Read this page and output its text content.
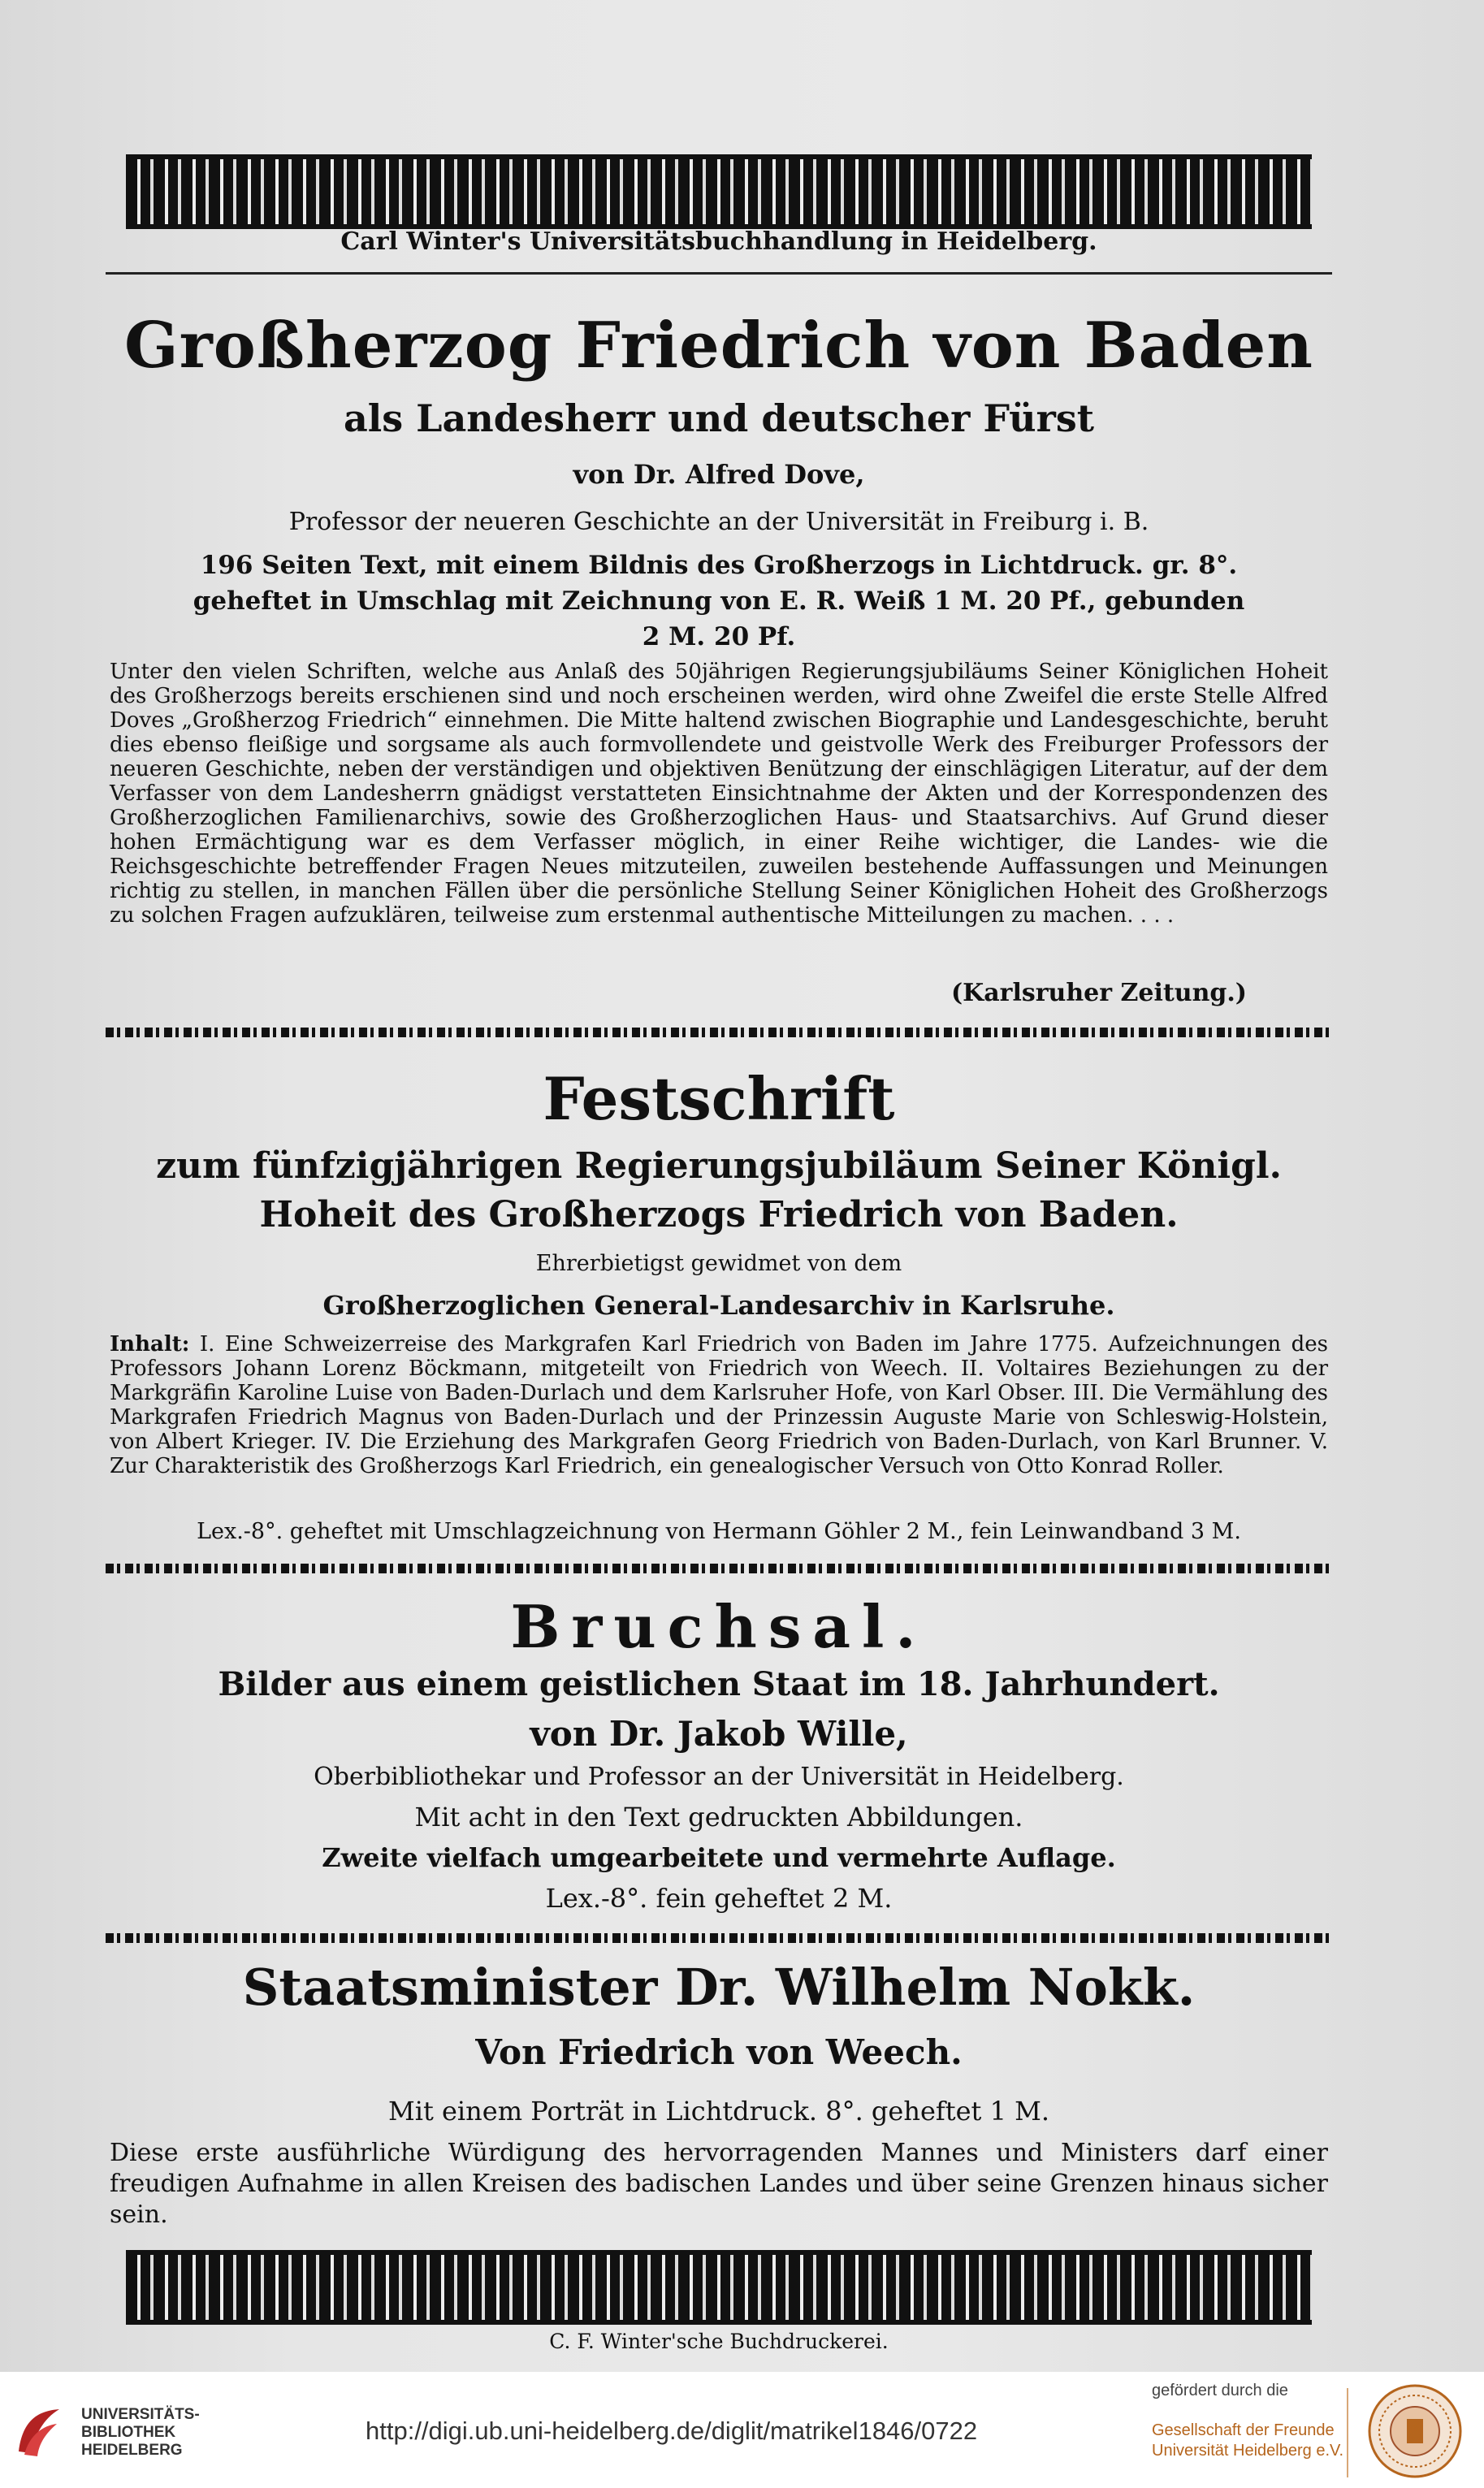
Carl Winter's Universitätsbuchhandlung in Heidelberg.

Großherzog Friedrich von Baden

als Landesherr und deutscher Fürst

von Dr. Alfred Dove,

Professor der neueren Geschichte an der Universität in Freiburg i. B.

196 Seiten Text, mit einem Bildnis des Großherzogs in Lichtdruck. gr. 8°.

geheftet in Umschlag mit Zeichnung von E. R. Weiß 1 M. 20 Pf., gebunden

2 M. 20 Pf.

Unter den vielen Schriften, welche aus Anlaß des 50jährigen Regierungsjubiläums Seiner Königlichen Hoheit des Großherzogs bereits erschienen sind und noch erscheinen werden, wird ohne Zweifel die erste Stelle Alfred Doves „Großherzog Friedrich“ einnehmen. Die Mitte haltend zwischen Biographie und Landesgeschichte, beruht dies ebenso fleißige und sorgsame als auch formvollendete und geistvolle Werk des Freiburger Professors der neueren Geschichte, neben der verständigen und objektiven Benützung der einschlägigen Literatur, auf der dem Verfasser von dem Landesherrn gnädigst verstatteten Einsichtnahme der Akten und der Korrespondenzen des Großherzoglichen Familienarchivs, sowie des Großherzoglichen Haus- und Staatsarchivs. Auf Grund dieser hohen Ermächtigung war es dem Verfasser möglich, in einer Reihe wichtiger, die Landes- wie die Reichsgeschichte betreffender Fragen Neues mitzuteilen, zuweilen bestehende Auffassungen und Meinungen richtig zu stellen, in manchen Fällen über die persönliche Stellung Seiner Königlichen Hoheit des Großherzogs zu solchen Fragen aufzuklären, teilweise zum erstenmal authentische Mitteilungen zu machen. . . .

(Karlsruher Zeitung.)

Festschrift

zum fünfzigjährigen Regierungsjubiläum Seiner Königl.

Hoheit des Großherzogs Friedrich von Baden.

Ehrerbietigst gewidmet von dem

Großherzoglichen General-Landesarchiv in Karlsruhe.

Inhalt: I. Eine Schweizerreise des Markgrafen Karl Friedrich von Baden im Jahre 1775. Aufzeichnungen des Professors Johann Lorenz Böckmann, mitgeteilt von Friedrich von Weech. II. Voltaires Beziehungen zu der Markgräfin Karoline Luise von Baden-Durlach und dem Karlsruher Hofe, von Karl Obser. III. Die Vermählung des Markgrafen Friedrich Magnus von Baden-Durlach und der Prinzessin Auguste Marie von Schleswig-Holstein, von Albert Krieger. IV. Die Erziehung des Markgrafen Georg Friedrich von Baden-Durlach, von Karl Brunner. V. Zur Charakteristik des Großherzogs Karl Friedrich, ein genealogischer Versuch von Otto Konrad Roller.

Lex.-8°. geheftet mit Umschlagzeichnung von Hermann Göhler 2 M., fein Leinwandband 3 M.

Bruchsal.

Bilder aus einem geistlichen Staat im 18. Jahrhundert.

von Dr. Jakob Wille,

Oberbibliothekar und Professor an der Universität in Heidelberg.

Mit acht in den Text gedruckten Abbildungen.

Zweite vielfach umgearbeitete und vermehrte Auflage.

Lex.-8°. fein geheftet 2 M.

Staatsminister Dr. Wilhelm Nokk.

Von Friedrich von Weech.

Mit einem Porträt in Lichtdruck. 8°. geheftet 1 M.

Diese erste ausführliche Würdigung des hervorragenden Mannes und Ministers darf einer freudigen Aufnahme in allen Kreisen des badischen Landes und über seine Grenzen hinaus sicher sein.

C. F. Winter'sche Buchdruckerei.

UNIVERSITÄTS-
BIBLIOTHEK
HEIDELBERG
http://digi.ub.uni-heidelberg.de/diglit/matrikel1846/0722
gefördert durch die
Gesellschaft der Freunde
Universität Heidelberg e.V.
